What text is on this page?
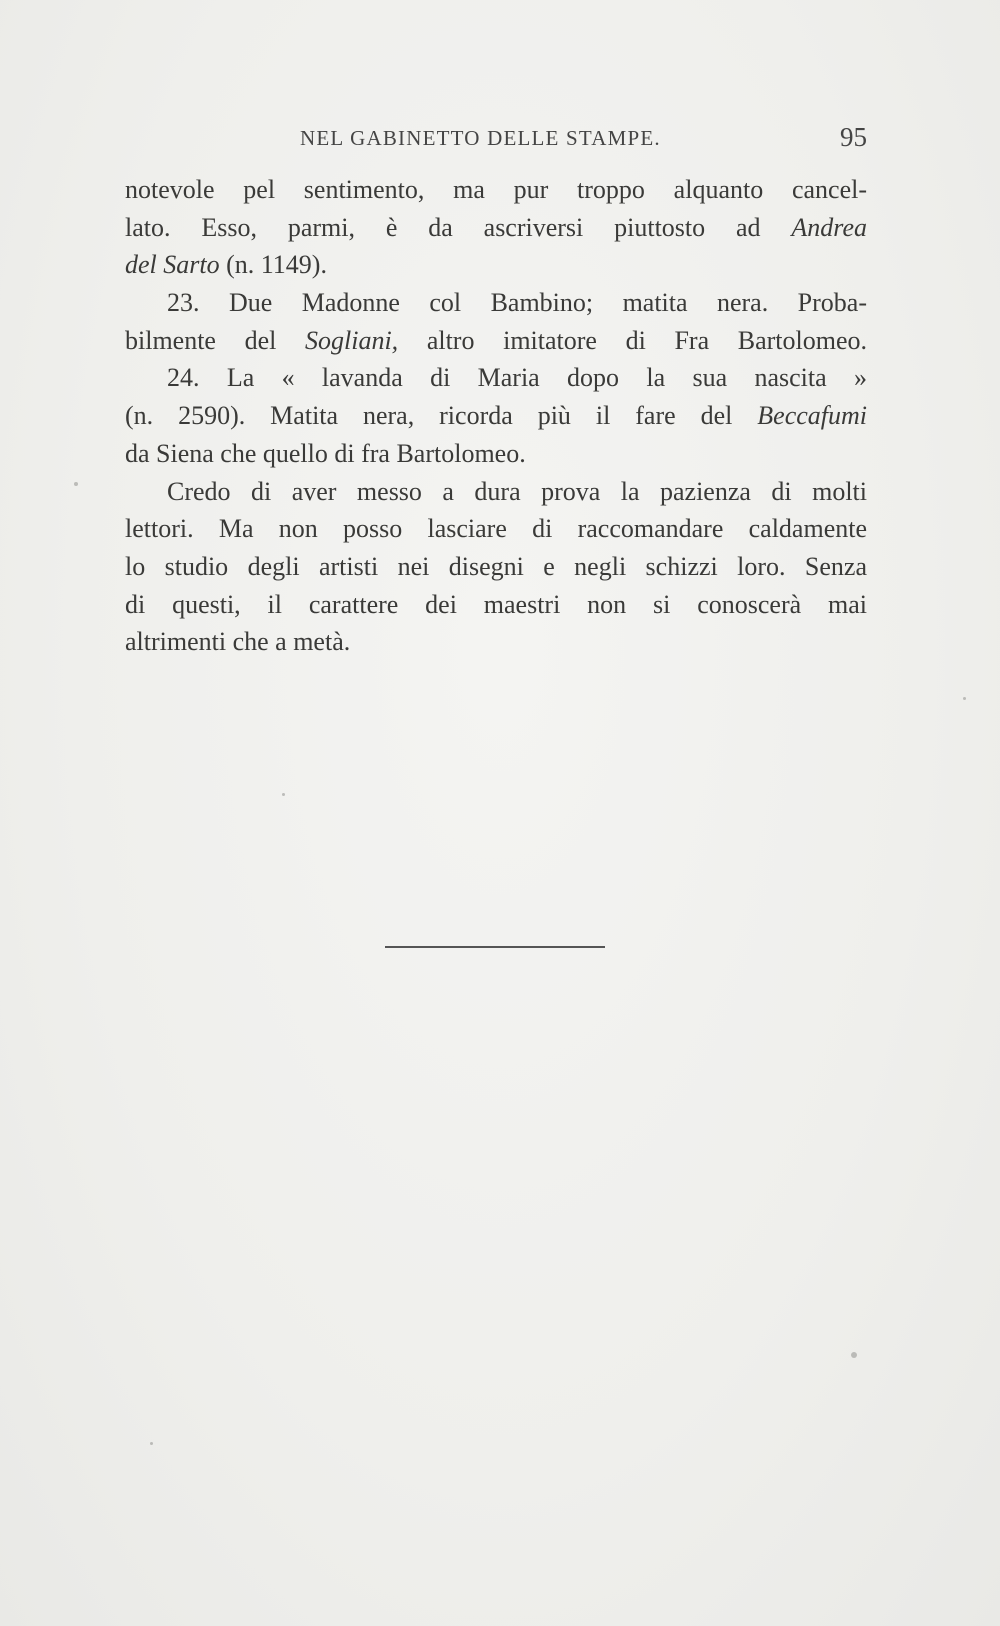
NEL GABINETTO DELLE STAMPE.	95
notevole pel sentimento, ma pur troppo alquanto cancel-
lato. Esso, parmi, è da ascriversi piuttosto ad Andrea
del Sarto (n. 1149).
23. Due Madonne col Bambino; matita nera. Proba-
bilmente del Sogliani, altro imitatore di Fra Bartolomeo.
24. La « lavanda di Maria dopo la sua nascita »
(n. 2590). Matita nera, ricorda più il fare del Beccafumi
da Siena che quello di fra Bartolomeo.
Credo di aver messo a dura prova la pazienza di molti
lettori. Ma non posso lasciare di raccomandare caldamente
lo studio degli artisti nei disegni e negli schizzi loro. Senza
di questi, il carattere dei maestri non si conoscerà mai
altrimenti che a metà.
